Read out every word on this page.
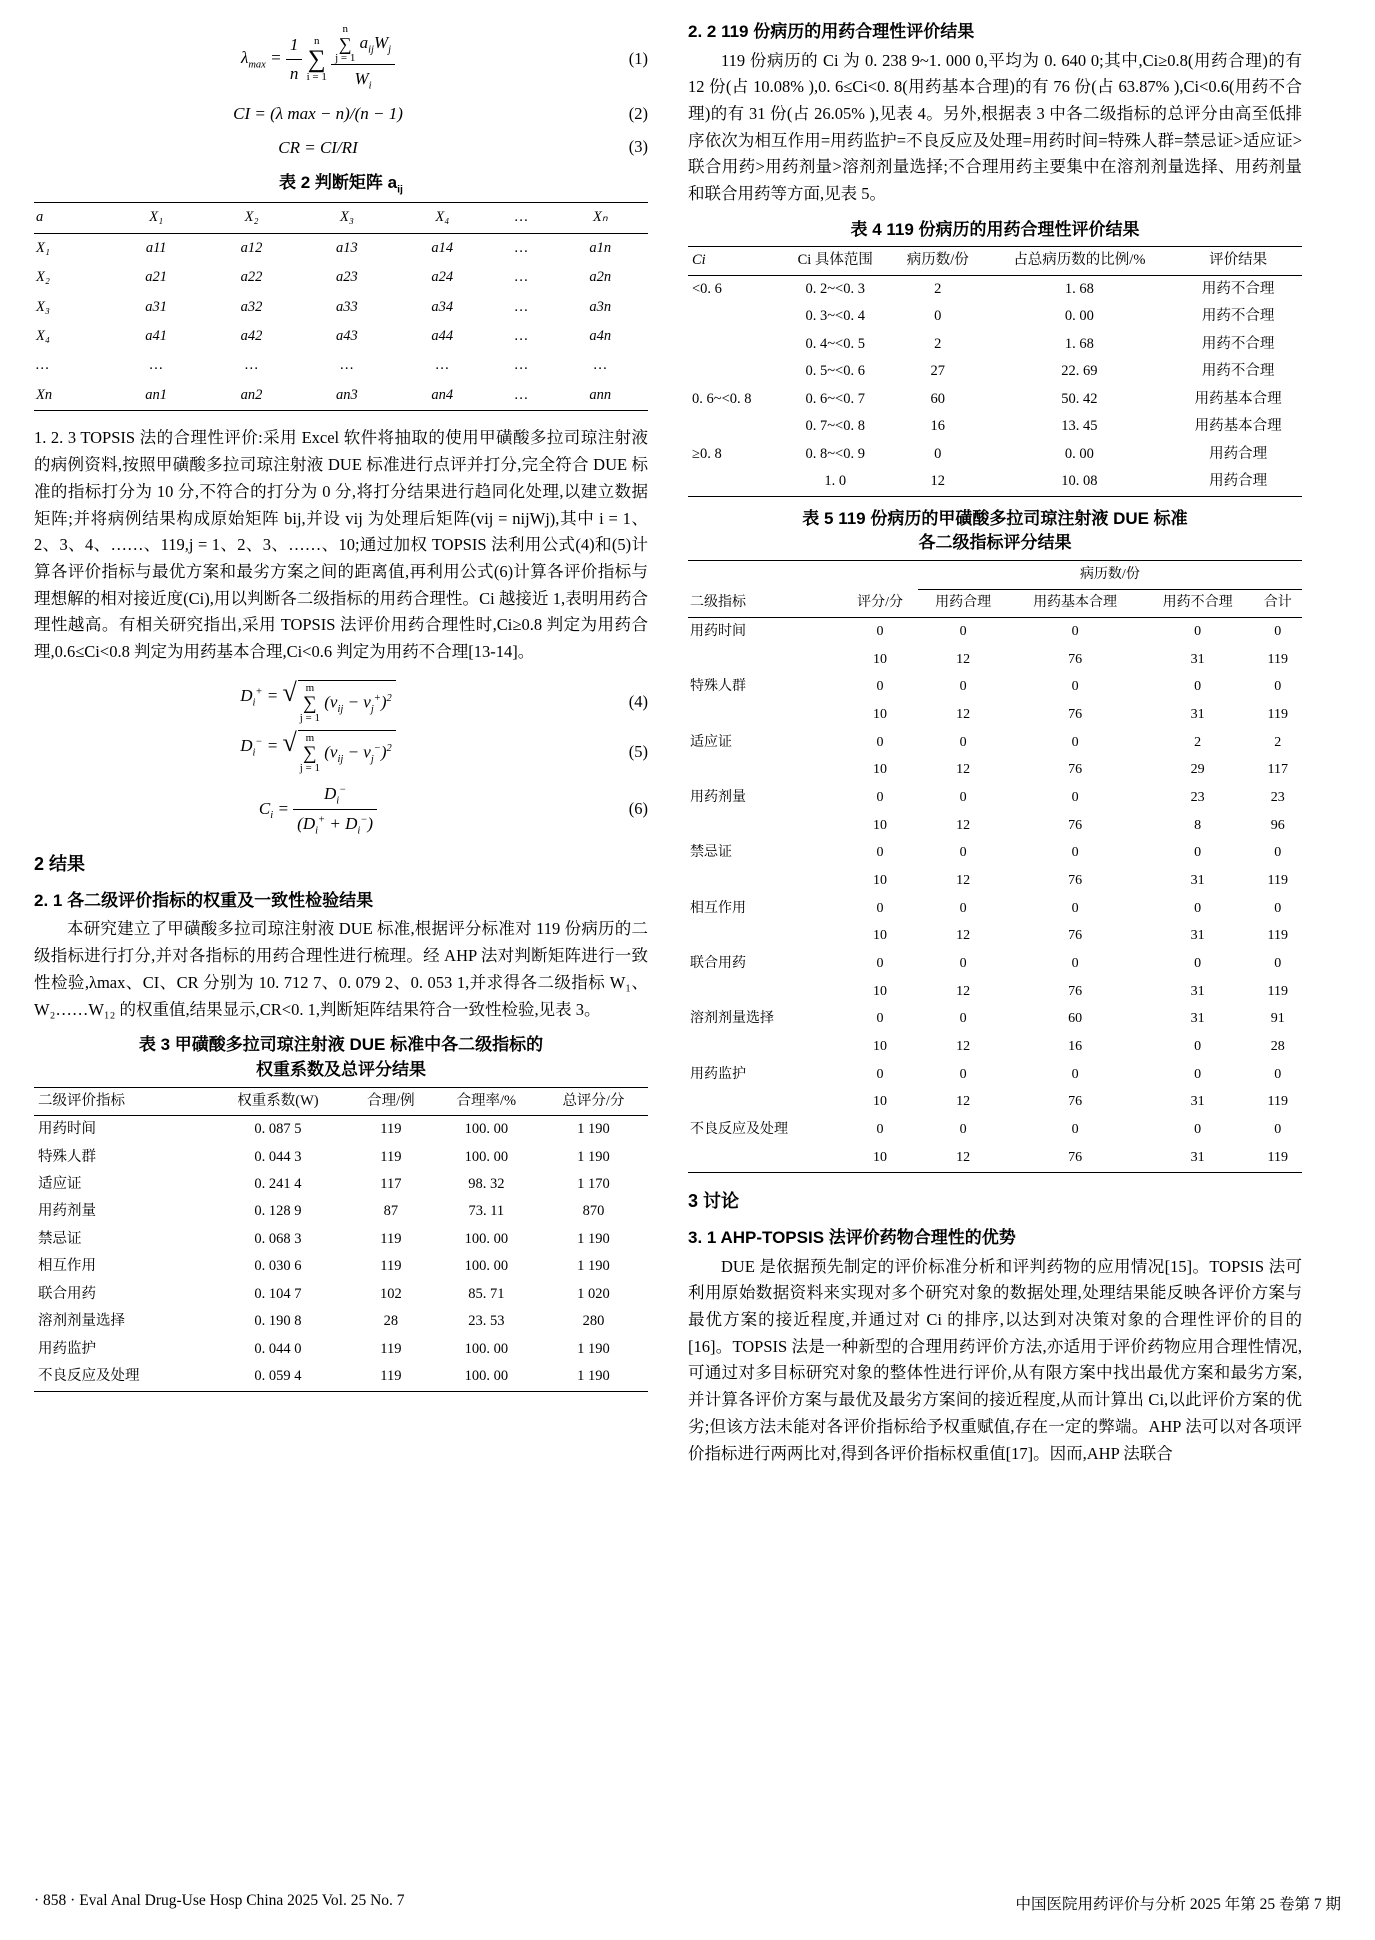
$\lambda_{max} = \frac{1}{n}$
	n
∑
i = 1
n
∑
j = 1
$a_{ij}W_j$
$W_i$	(1)
CI = (λ max − n)/(n − 1)	(2)
CR = CI/RI	(3)
表 2 判断矩阵 $a_{ij}$
a	X₁	X₂	X₃	X₄	…	Xₙ
X₁	a11	a12	a13	a14	…	a1n
X₂	a21	a22	a23	a24	…	a2n
X₃	a31	a32	a33	a34	…	a3n
X₄	a41	a42	a43	a44	…	a4n
…	…	…	…	…	…	…
Xn	an1	an2	an3	an4	…	ann

1. 2. 3 TOPSIS 法的合理性评价:采用 Excel 软件将抽取的使用甲磺酸多拉司琼注射液的病例资料,按照甲磺酸多拉司琼注射液 DUE 标准进行点评并打分,完全符合 DUE 标准的指标打分为 10 分,不符合的打分为 0 分,将打分结果进行趋同化处理,以建立数据矩阵;并将病例结果构成原始矩阵 bij,并设 vij 为处理后矩阵(vij = nijWj),其中 i = 1、2、3、4、……、119,j = 1、2、3、……、10;通过加权 TOPSIS 法利用公式(4)和(5)计算各评价指标与最优方案和最劣方案之间的距离值,再利用公式(6)计算各评价指标与理想解的相对接近度(Ci),用以判断各二级指标的用药合理性。Ci 越接近 1,表明用药合理性越高。有相关研究指出,采用 TOPSIS 法评价用药合理性时,Ci≥0.8 判定为用药合理,0.6≤Ci<0.8 判定为用药基本合理,Ci<0.6 判定为用药不合理[13-14]。

$D_i^+$ = √ m
∑
j = 1
$(v_{ij} - v_j^+)^2$	(4)
$D_i^-$ = √ m
∑
j = 1
$(v_{ij} - v_j^-)^2$	(5)
$C_i = \frac{D_i^-}{(D_i^+ + D_i^-)}$	(6)
2 结果
2. 1 各二级评价指标的权重及一致性检验结果

本研究建立了甲磺酸多拉司琼注射液 DUE 标准,根据评分标准对 119 份病历的二级指标进行打分,并对各指标的用药合理性进行梳理。经 AHP 法对判断矩阵进行一致性检验,λmax、CI、CR 分别为 10. 712 7、0. 079 2、0. 053 1,并求得各二级指标 W₁、W₂……W₁₂ 的权重值,结果显示,CR<0. 1,判断矩阵结果符合一致性检验,见表 3。

表 3 甲磺酸多拉司琼注射液 DUE 标准中各二级指标的
权重系数及总评分结果
二级评价指标	权重系数(W)	合理/例	合理率/%	总评分/分
用药时间	0. 087 5	119	100. 00	1 190
特殊人群	0. 044 3	119	100. 00	1 190
适应证	0. 241 4	117	98. 32	1 170
用药剂量	0. 128 9	87	73. 11	870
禁忌证	0. 068 3	119	100. 00	1 190
相互作用	0. 030 6	119	100. 00	1 190
联合用药	0. 104 7	102	85. 71	1 020
溶剂剂量选择	0. 190 8	28	23. 53	280
用药监护	0. 044 0	119	100. 00	1 190
不良反应及处理	0. 059 4	119	100. 00	1 190
2. 2 119 份病历的用药合理性评价结果

119 份病历的 Ci 为 0. 238 9~1. 000 0,平均为 0. 640 0;其中,Ci≥0.8(用药合理)的有 12 份(占 10.08% ),0. 6≤Ci<0. 8(用药基本合理)的有 76 份(占 63.87% ),Ci<0.6(用药不合理)的有 31 份(占 26.05% ),见表 4。另外,根据表 3 中各二级指标的总评分由高至低排序依次为相互作用=用药监护=不良反应及处理=用药时间=特殊人群=禁忌证>适应证>联合用药>用药剂量>溶剂剂量选择;不合理用药主要集中在溶剂剂量选择、用药剂量和联合用药等方面,见表 5。

表 4 119 份病历的用药合理性评价结果
Ci	Ci 具体范围	病历数/份	占总病历数的比例/%	评价结果
<0. 6	0. 2~<0. 3	2	1. 68	用药不合理
	0. 3~<0. 4	0	0. 00	用药不合理
	0. 4~<0. 5	2	1. 68	用药不合理
	0. 5~<0. 6	27	22. 69	用药不合理
0. 6~<0. 8	0. 6~<0. 7	60	50. 42	用药基本合理
	0. 7~<0. 8	16	13. 45	用药基本合理
≥0. 8	0. 8~<0. 9	0	0. 00	用药合理
	1. 0	12	10. 08	用药合理
表 5 119 份病历的甲磺酸多拉司琼注射液 DUE 标准
各二级指标评分结果
二级指标	评分/分	病历数/份			
		用药合理	用药基本合理	用药不合理	合计
用药时间	0	0	0	0	0
	10	12	76	31	119
特殊人群	0	0	0	0	0
	10	12	76	31	119
适应证	0	0	0	2	2
	10	12	76	29	117
用药剂量	0	0	0	23	23
	10	12	76	8	96
禁忌证	0	0	0	0	0
	10	12	76	31	119
相互作用	0	0	0	0	0
	10	12	76	31	119
联合用药	0	0	0	0	0
	10	12	76	31	119
溶剂剂量选择	0	0	60	31	91
	10	12	16	0	28
用药监护	0	0	0	0	0
	10	12	76	31	119
不良反应及处理	0	0	0	0	0
	10	12	76	31	119
3 讨论
3. 1 AHP-TOPSIS 法评价药物合理性的优势

DUE 是依据预先制定的评价标准分析和评判药物的应用情况[15]。TOPSIS 法可利用原始数据资料来实现对多个研究对象的数据处理,处理结果能反映各评价方案与最优方案的接近程度,并通过对 Ci 的排序,以达到对决策对象的合理性评价的目的[16]。TOPSIS 法是一种新型的合理用药评价方法,亦适用于评价药物应用合理性情况,可通过对多目标研究对象的整体性进行评价,从有限方案中找出最优方案和最劣方案,并计算各评价方案与最优及最劣方案间的接近程度,从而计算出 Ci,以此评价方案的优劣;但该方法未能对各评价指标给予权重赋值,存在一定的弊端。AHP 法可以对各项评价指标进行两两比对,得到各评价指标权重值[17]。因而,AHP 法联合

· 858 · Eval Anal Drug-Use Hosp China 2025 Vol. 25 No. 7	中国医院用药评价与分析 2025 年第 25 卷第 7 期
